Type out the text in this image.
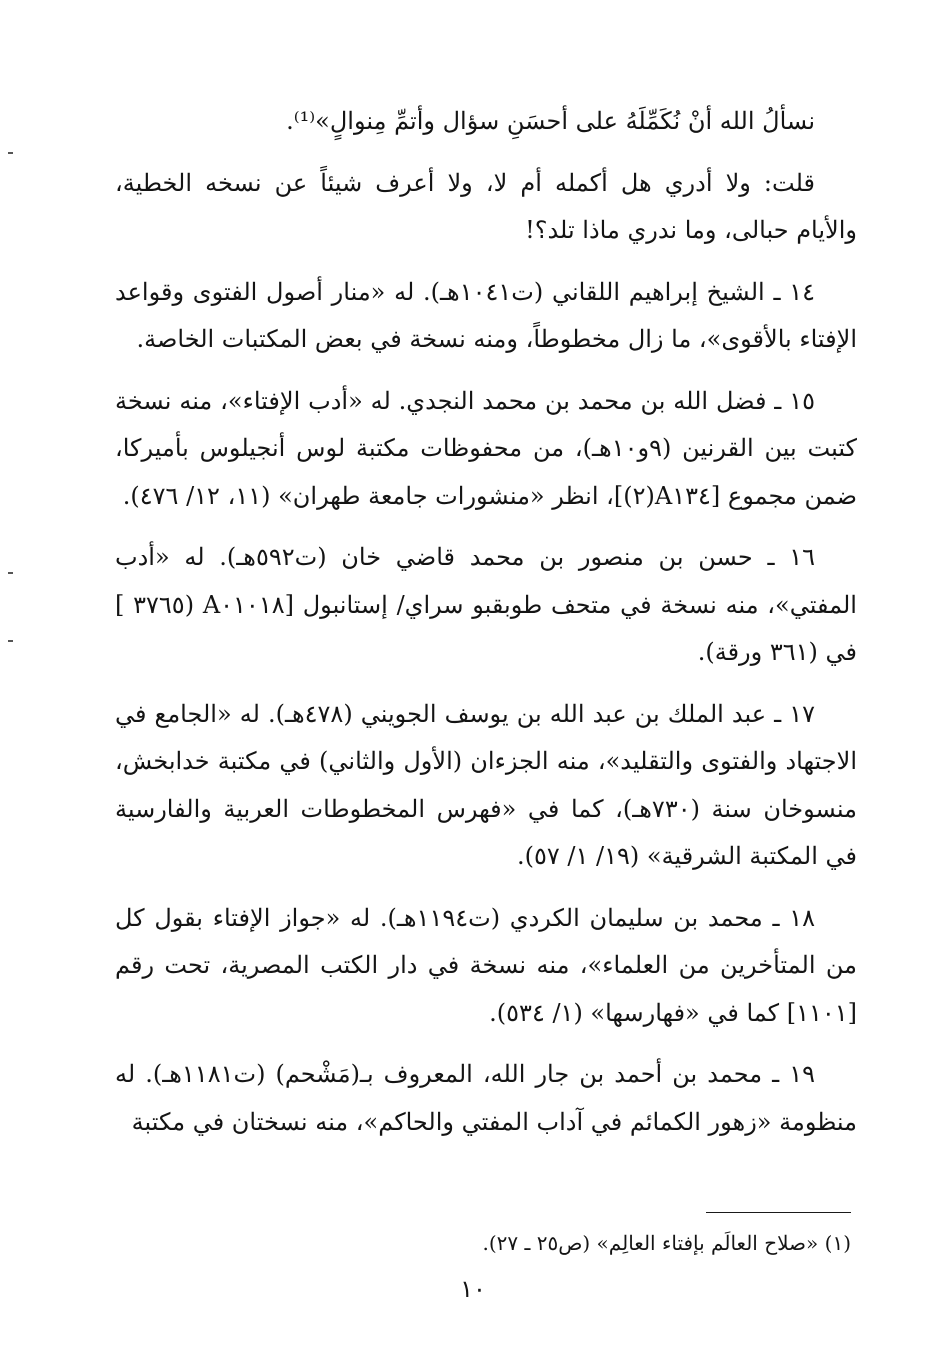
نسألُ الله أنْ نُكَمِّلَهُ على أحسَنِ سؤال وأتمِّ مِنوالٍ»⁽¹⁾.

قلت: ولا أدري هل أكمله أم لا، ولا أعرف شيئاً عن نسخه الخطية، والأيام حبالى، وما ندري ماذا تلد؟!

١٤ ـ الشيخ إبراهيم اللقاني (ت١٠٤١هـ). له «منار أصول الفتوى وقواعد الإفتاء بالأقوى»، ما زال مخطوطاً، ومنه نسخة في بعض المكتبات الخاصة.

١٥ ـ فضل الله بن محمد بن محمد النجدي. له «أدب الإفتاء»، منه نسخة كتبت بين القرنين (٩و١٠هـ)، من محفوظات مكتبة لوس أنجيلوس بأميركا، ضمن مجموع [A١٣٤(٢)]، انظر «منشورات جامعة طهران» (١١، ١٢/ ٤٧٦).

١٦ ـ حسن بن منصور بن محمد قاضي خان (ت٥٩٢هـ). له «أدب المفتي»، منه نسخة في متحف طوبقبو سراي/ إستانبول [A٠١٠١٨ (٣٧٦٥ ] في (٣٦١ ورقة).

١٧ ـ عبد الملك بن عبد الله بن يوسف الجويني (٤٧٨هـ). له «الجامع في الاجتهاد والفتوى والتقليد»، منه الجزءان (الأول والثاني) في مكتبة خدابخش، منسوخان سنة (٧٣٠هـ)، كما في «فهرس المخطوطات العربية والفارسية في المكتبة الشرقية» (١٩/ ١/ ٥٧).

١٨ ـ محمد بن سليمان الكردي (ت١١٩٤هـ). له «جواز الإفتاء بقول كل من المتأخرين من العلماء»، منه نسخة في دار الكتب المصرية، تحت رقم [١١٠١] كما في «فهارسها» (١/ ٥٣٤).

١٩ ـ محمد بن أحمد بن جار الله، المعروف بـ(مَشْحم) (ت١١٨١هـ). له منظومة «زهور الكمائم في آداب المفتي والحاكم»، منه نسختان في مكتبة

(١) «صلاح العالَم بإفتاء العالِم» (ص٢٥ ـ ٢٧).
١٠
